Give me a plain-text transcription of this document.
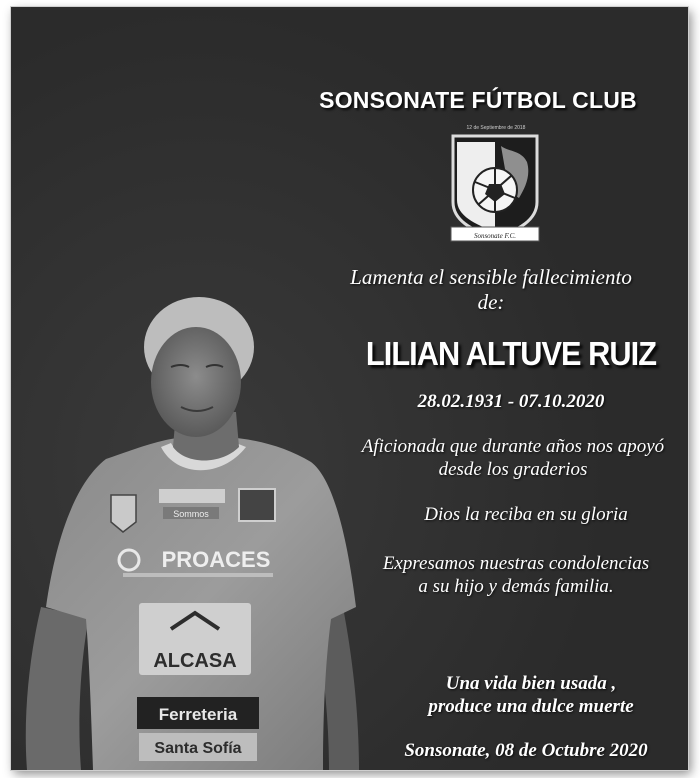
Sommos
PROACES
ALCASA
Ferreteria
Santa Sofía
SONSONATE FÚTBOL CLUB
12 de Septiembre de 2018
Sonsonate F.C.
Lamenta el sensible fallecimiento
de:
LILIAN ALTUVE RUIZ
28.02.1931 - 07.10.2020
Aficionada que durante años nos apoyó
desde los graderios
Dios la reciba en su gloria
Expresamos nuestras condolencias
a su hijo y demás familia.
Una vida bien usada ,
produce una dulce muerte
Sonsonate, 08 de Octubre 2020
